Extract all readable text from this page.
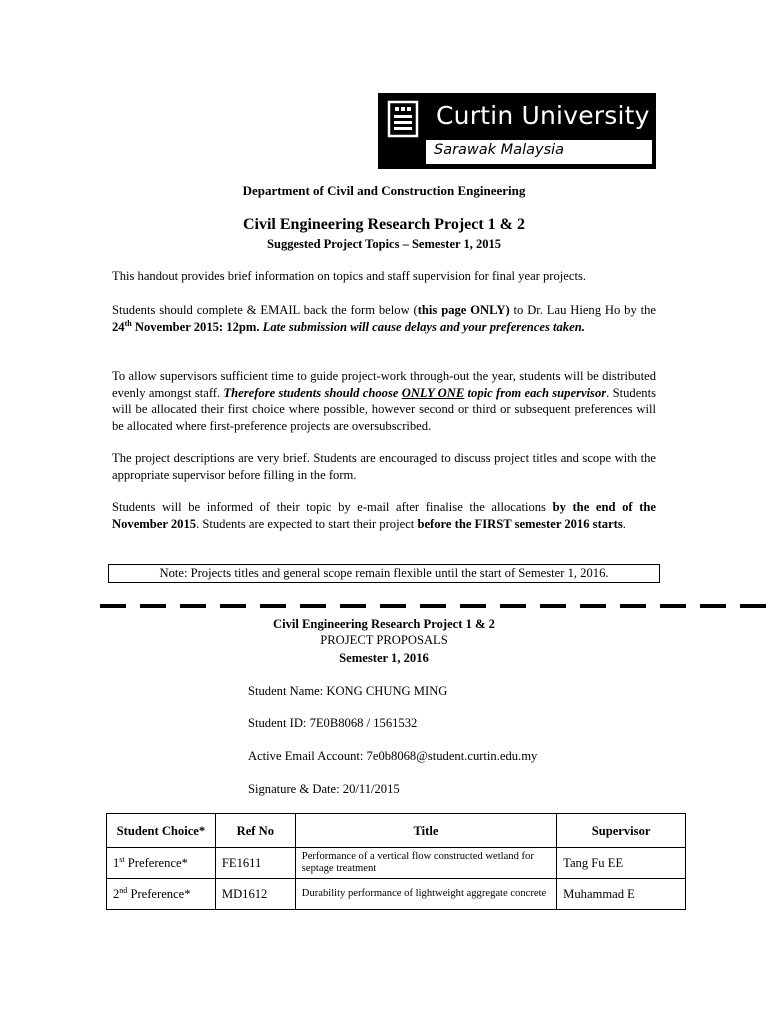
Curtin University
Sarawak Malaysia
Department of Civil and Construction Engineering
Civil Engineering Research Project 1 & 2
Suggested Project Topics – Semester 1, 2015
This handout provides brief information on topics and staff supervision for final year projects.
Students should complete & EMAIL back the form below (this page ONLY) to Dr. Lau Hieng Ho by the 24th November 2015: 12pm. Late submission will cause delays and your preferences taken.
To allow supervisors sufficient time to guide project-work through-out the year, students will be distributed evenly amongst staff. Therefore students should choose ONLY ONE topic from each supervisor. Students will be allocated their first choice where possible, however second or third or subsequent preferences will be allocated where first-preference projects are oversubscribed.
The project descriptions are very brief. Students are encouraged to discuss project titles and scope with the appropriate supervisor before filling in the form.
Students will be informed of their topic by e-mail after finalise the allocations by the end of the November 2015. Students are expected to start their project before the FIRST semester 2016 starts.
Note: Projects titles and general scope remain flexible until the start of Semester 1, 2016.
Civil Engineering Research Project 1 & 2
PROJECT PROPOSALS
Semester 1, 2016
Student Name: KONG CHUNG MING
Student ID: 7E0B8068 / 1561532
Active Email Account: 7e0b8068@student.curtin.edu.my
Signature & Date: 20/11/2015
Student Choice*	Ref No	Title	Supervisor
1st Preference*	FE1611	Performance of a vertical flow constructed wetland for septage treatment	Tang Fu EE
2nd Preference*	MD1612	Durability performance of lightweight aggregate concrete	Muhammad E
